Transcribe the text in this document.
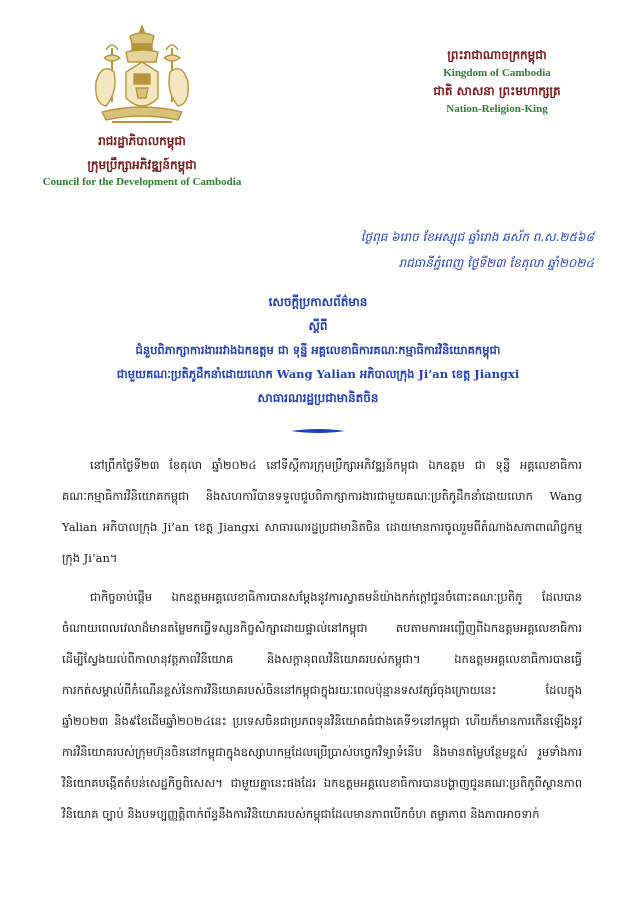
រាជរដ្ឋាភិបាលកម្ពុជា
ក្រុមប្រឹក្សាអភិវឌ្ឍន៍កម្ពុជា
Council for the Development of Cambodia
ព្រះរាជាណាចក្រកម្ពុជា
Kingdom of Cambodia
ជាតិ សាសនា ព្រះមហាក្សត្រ
Nation-Religion-King
ថ្ងៃពុធ ៦រោច ខែអស្សុជ ឆ្នាំរោង ឆស័ក ព.ស.២៥៦៨
រាជធានីភ្នំពេញ ថ្ងៃទី២៣ ខែតុលា ឆ្នាំ២០២៤
សេចក្តីប្រកាសព័ត៌មាន
ស្តីពី
ជំនួបពិភាក្សាការងាររវាងឯកឧត្តម ជា ទុន្នី អគ្គលេខាធិការគណៈកម្មាធិការវិនិយោគកម្ពុជា
ជាមួយគណៈប្រតិភូដឹកនាំដោយលោក Wang Yalian អភិបាលក្រុង Ji’an ខេត្ត Jiangxi
សាធារណរដ្ឋប្រជាមានិតចិន

នៅព្រឹកថ្ងៃទី២៣ ខែតុលា ឆ្នាំ២០២៤ នៅទីស្តីការក្រុមប្រឹក្សាអភិវឌ្ឍន៍កម្ពុជា ឯកឧត្តម ជា ទុន្នី អគ្គលេខាធិការគណៈកម្មាធិការវិនិយោគកម្ពុជា និងសហការីបានទទួលជួបពិភាក្សាការងារជាមួយគណៈប្រតិភូដឹកនាំដោយលោក Wang Yalian អភិបាលក្រុង Ji’an ខេត្ត Jiangxi សាធារណរដ្ឋប្រជាមានិតចិន ដោយមានការចូលរួមពីតំណាងសភាពាណិជ្ជកម្មក្រុង Ji’an។

ជាកិច្ចចាប់ផ្តើម ឯកឧត្តមអគ្គលេខាធិការបានសម្តែងនូវការស្វាគមន៍យ៉ាងកក់ក្តៅជូនចំពោះគណៈប្រតិភូ ដែលបានចំណាយពេលវេលាដ៏មានតម្លៃមកធ្វើទស្សនកិច្ចសិក្សាដោយផ្ទាល់នៅកម្ពុជា តបតាមការអញ្ជើញពីឯកឧត្តមអគ្គលេខាធិការ ដើម្បីស្វែងយល់ពីកាលានុវត្តភាពវិនិយោគ និងសក្តានុពលវិនិយោគរបស់កម្ពុជា។ ឯកឧត្តមអគ្គលេខាធិការបានធ្វើការកត់សម្គាល់ពីកំណើនខ្ពស់នៃការវិនិយោគរបស់ចិននៅកម្ពុជាក្នុងរយៈពេលប៉ុន្មានទសវត្សរ៍ចុងក្រោយនេះ ដែលក្នុងឆ្នាំ២០២៣ និង៩ខែដើមឆ្នាំ២០២៤នេះ ប្រទេសចិនជាប្រភពទុនវិនិយោគធំជាងគេទី១នៅកម្ពុជា ហើយក៏មានការកើនឡើងនូវការវិនិយោគរបស់ក្រុមហ៊ុនចិននៅកម្ពុជាក្នុងឧស្សាហកម្មដែលប្រើប្រាស់បច្ចេកវិទ្យាទំនើប និងមានតម្លៃបន្ថែមខ្ពស់ រួមទាំងការវិនិយោគបង្កើតតំបន់សេដ្ឋកិច្ចពិសេស។ ជាមួយគ្នានេះផងដែរ ឯកឧត្តមអគ្គលេខាធិការបានបង្ហាញជូនគណៈប្រតិភូពីស្ថានភាពវិនិយោគ ច្បាប់ និងបទប្បញ្ញត្តិពាក់ព័ន្ធនឹងការវិនិយោគរបស់កម្ពុជាដែលមានភាពបើកចំហ តម្លាភាព និងភាពអាចទាក់
